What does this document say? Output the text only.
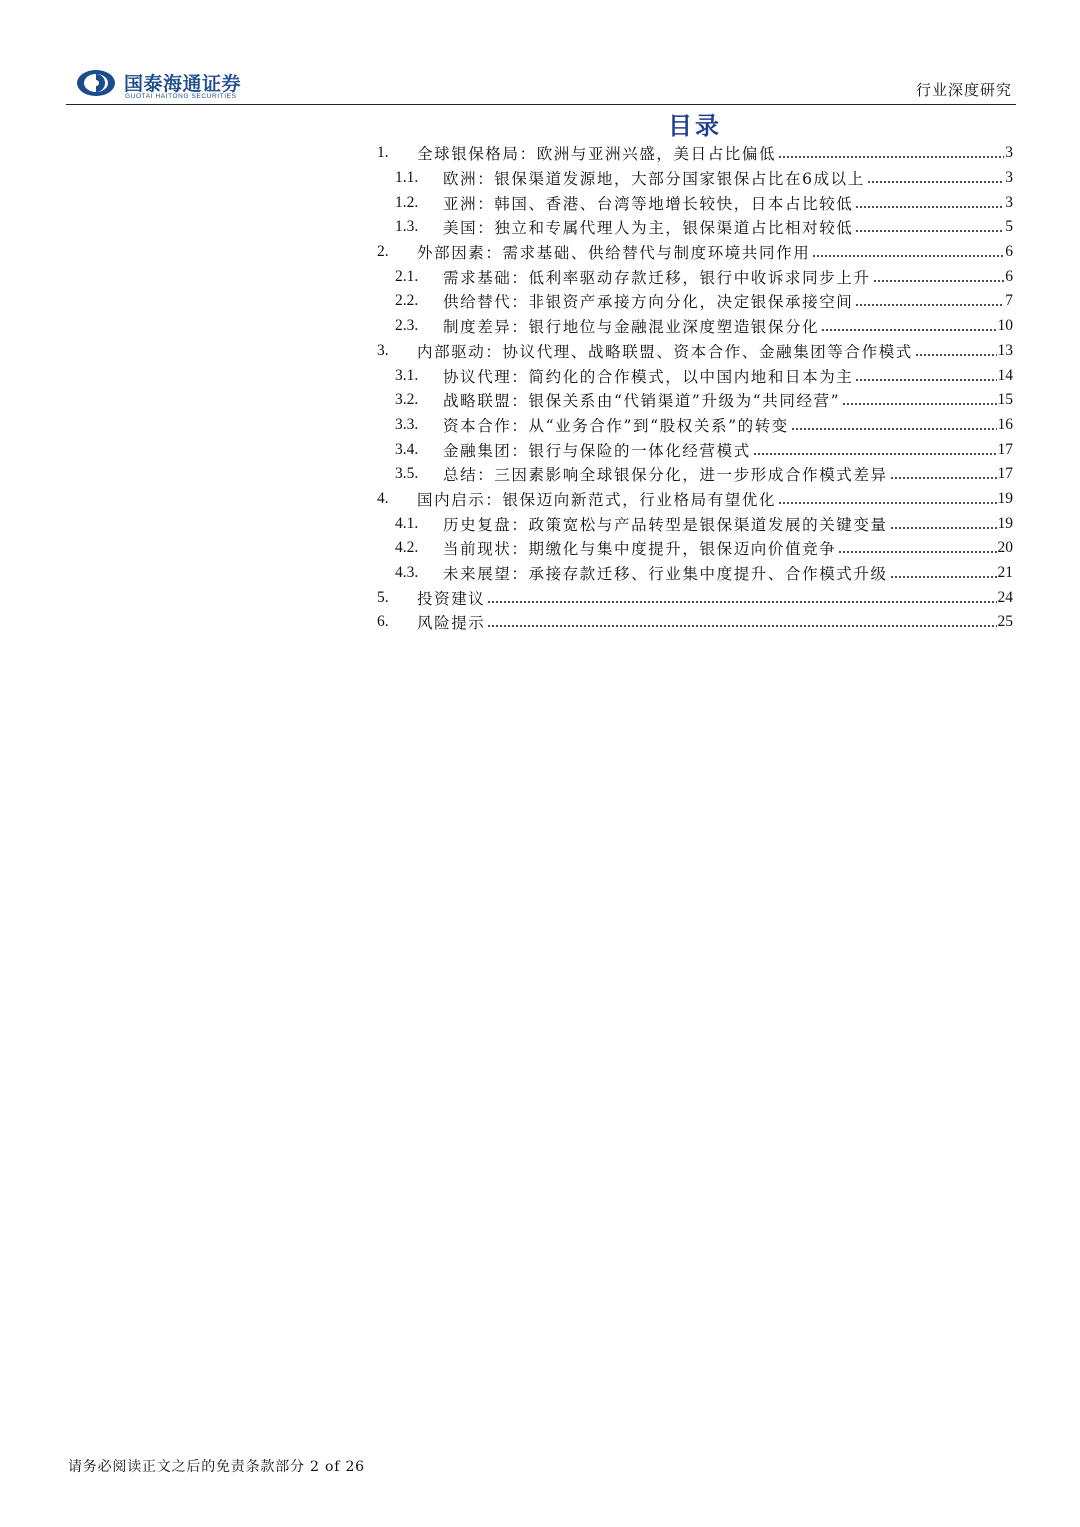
国泰海通证券
GUOTAI HAITONG SECURITIES	行业深度研究
目录
1.	全球银保格局：欧洲与亚洲兴盛，美日占比偏低	3
1.1.	欧洲：银保渠道发源地，大部分国家银保占比在6成以上	3
1.2.	亚洲：韩国、香港、台湾等地增长较快，日本占比较低	3
1.3.	美国：独立和专属代理人为主，银保渠道占比相对较低	5
2.	外部因素：需求基础、供给替代与制度环境共同作用	6
2.1.	需求基础：低利率驱动存款迁移，银行中收诉求同步上升	6
2.2.	供给替代：非银资产承接方向分化，决定银保承接空间	7
2.3.	制度差异：银行地位与金融混业深度塑造银保分化	10
3.	内部驱动：协议代理、战略联盟、资本合作、金融集团等合作模式	13
3.1.	协议代理：简约化的合作模式，以中国内地和日本为主	14
3.2.	战略联盟：银保关系由“代销渠道”升级为“共同经营”	15
3.3.	资本合作：从“业务合作”到“股权关系”的转变	16
3.4.	金融集团：银行与保险的一体化经营模式	17
3.5.	总结：三因素影响全球银保分化，进一步形成合作模式差异	17
4.	国内启示：银保迈向新范式，行业格局有望优化	19
4.1.	历史复盘：政策宽松与产品转型是银保渠道发展的关键变量	19
4.2.	当前现状：期缴化与集中度提升，银保迈向价值竞争	20
4.3.	未来展望：承接存款迁移、行业集中度提升、合作模式升级	21
5.	投资建议	24
6.	风险提示	25
请务必阅读正文之后的免责条款部分 2 of 26
